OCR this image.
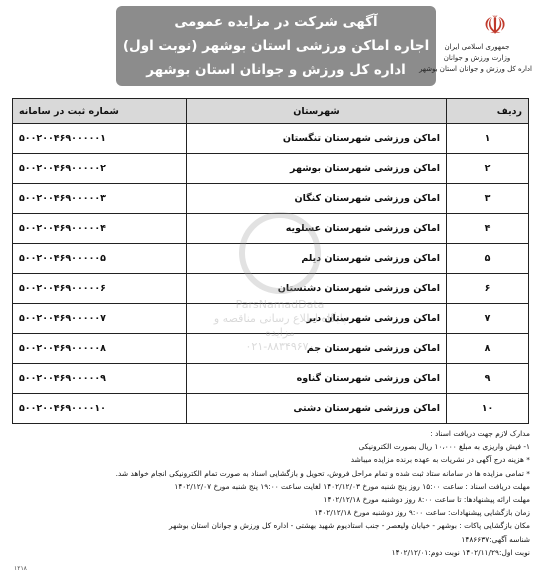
آگهی شرکت در مزایده عمومی
اجاره اماکن ورزشی استان بوشهر (نوبت اول)
اداره کل ورزش و جوانان استان بوشهر
☫
جمهوری اسلامی ایران
وزارت ورزش و جوانان
اداره کل ورزش و جوانان استان بوشهر
ردیف	شهرستان	شماره ثبت در سامانه
۱	اماکن ورزشی شهرستان تنگستان	۵۰۰۲۰۰۴۶۹۰۰۰۰۰۱
۲	اماکن ورزشی شهرستان بوشهر	۵۰۰۲۰۰۴۶۹۰۰۰۰۰۲
۳	اماکن ورزشی شهرستان کنگان	۵۰۰۲۰۰۴۶۹۰۰۰۰۰۳
۴	اماکن ورزشی شهرستان عسلویه	۵۰۰۲۰۰۴۶۹۰۰۰۰۰۴
۵	اماکن ورزشی شهرستان دیلم	۵۰۰۲۰۰۴۶۹۰۰۰۰۰۵
۶	اماکن ورزشی شهرستان دشتستان	۵۰۰۲۰۰۴۶۹۰۰۰۰۰۶
۷	اماکن ورزشی شهرستان دیر	۵۰۰۲۰۰۴۶۹۰۰۰۰۰۷
۸	اماکن ورزشی شهرستان جم	۵۰۰۲۰۰۴۶۹۰۰۰۰۰۸
۹	اماکن ورزشی شهرستان گناوه	۵۰۰۲۰۰۴۶۹۰۰۰۰۰۹
۱۰	اماکن ورزشی شهرستان دشتی	۵۰۰۲۰۰۴۶۹۰۰۰۰۱۰
ParsNamadData
پایگاه اطلاع رسانی مناقصه و مزایده
۰۲۱-۸۸۳۴۹۶۷۰
مدارک لازم جهت دریافت اسناد :
۱- فیش واریزی به مبلغ ۱۰،۰۰۰ ریال بصورت الکترونیکی
* هزینه درج آگهی در نشریات به عهده برنده مزایده میباشد
* تمامی مزایده ها در سامانه ستاد ثبت شده و تمام مراحل فروش، تحویل و بازگشایی اسناد به صورت تمام الکترونیکی انجام خواهد شد.
مهلت دریافت اسناد : ساعت ۱۵:۰۰ روز پنج شنبه مورخ ۱۴۰۲/۱۲/۰۳ لغایت ساعت ۱۹:۰۰ پنج شنبه مورخ ۱۴۰۲/۱۲/۰۷
مهلت ارائه پیشنهادها: تا ساعت ۸:۰۰ روز دوشنبه مورخ ۱۴۰۲/۱۲/۱۸
زمان بازگشایی پیشنهادات: ساعت ۹:۰۰ روز دوشنبه مورخ ۱۴۰۲/۱۲/۱۸
مکان بازگشایی پاکات : بوشهر - خیابان ولیعصر - جنب استادیوم شهید بهشتی - اداره کل ورزش و جوانان استان بوشهر
شناسه آگهی:۱۴۸۶۶۳۷
نوبت اول:۱۴۰۲/۱۱/۲۹ نوبت دوم:۱۴۰۲/۱۲/۰۱
۱۲۱۸
